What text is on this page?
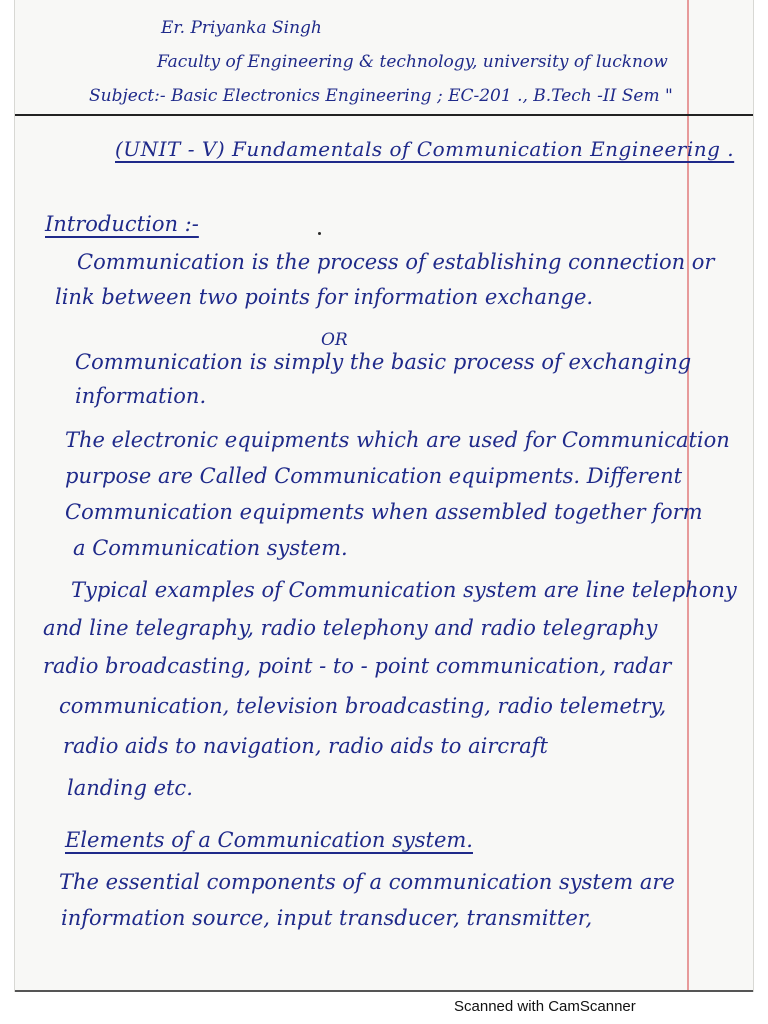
Er. Priyanka Singh
Faculty of Engineering & technology, university of lucknow
Subject:- Basic Electronics Engineering ; EC-201 ., B.Tech -II Sem "
(UNIT - V) Fundamentals of Communication Engineering .
Introduction :-
Communication is the process of establishing connection or
link between two points for information exchange.
OR
Communication is simply the basic process of exchanging
information.
The electronic equipments which are used for Communication
purpose are Called Communication equipments. Different
Communication equipments when assembled together form
a Communication system.
Typical examples of Communication system are line telephony
and line telegraphy, radio telephony and radio telegraphy
radio broadcasting, point - to - point communication, radar
communication, television broadcasting, radio telemetry,
radio aids to navigation, radio aids to aircraft
landing etc.
Elements of a Communication system.
The essential components of a communication system are
information source, input transducer, transmitter,
Scanned with CamScanner
